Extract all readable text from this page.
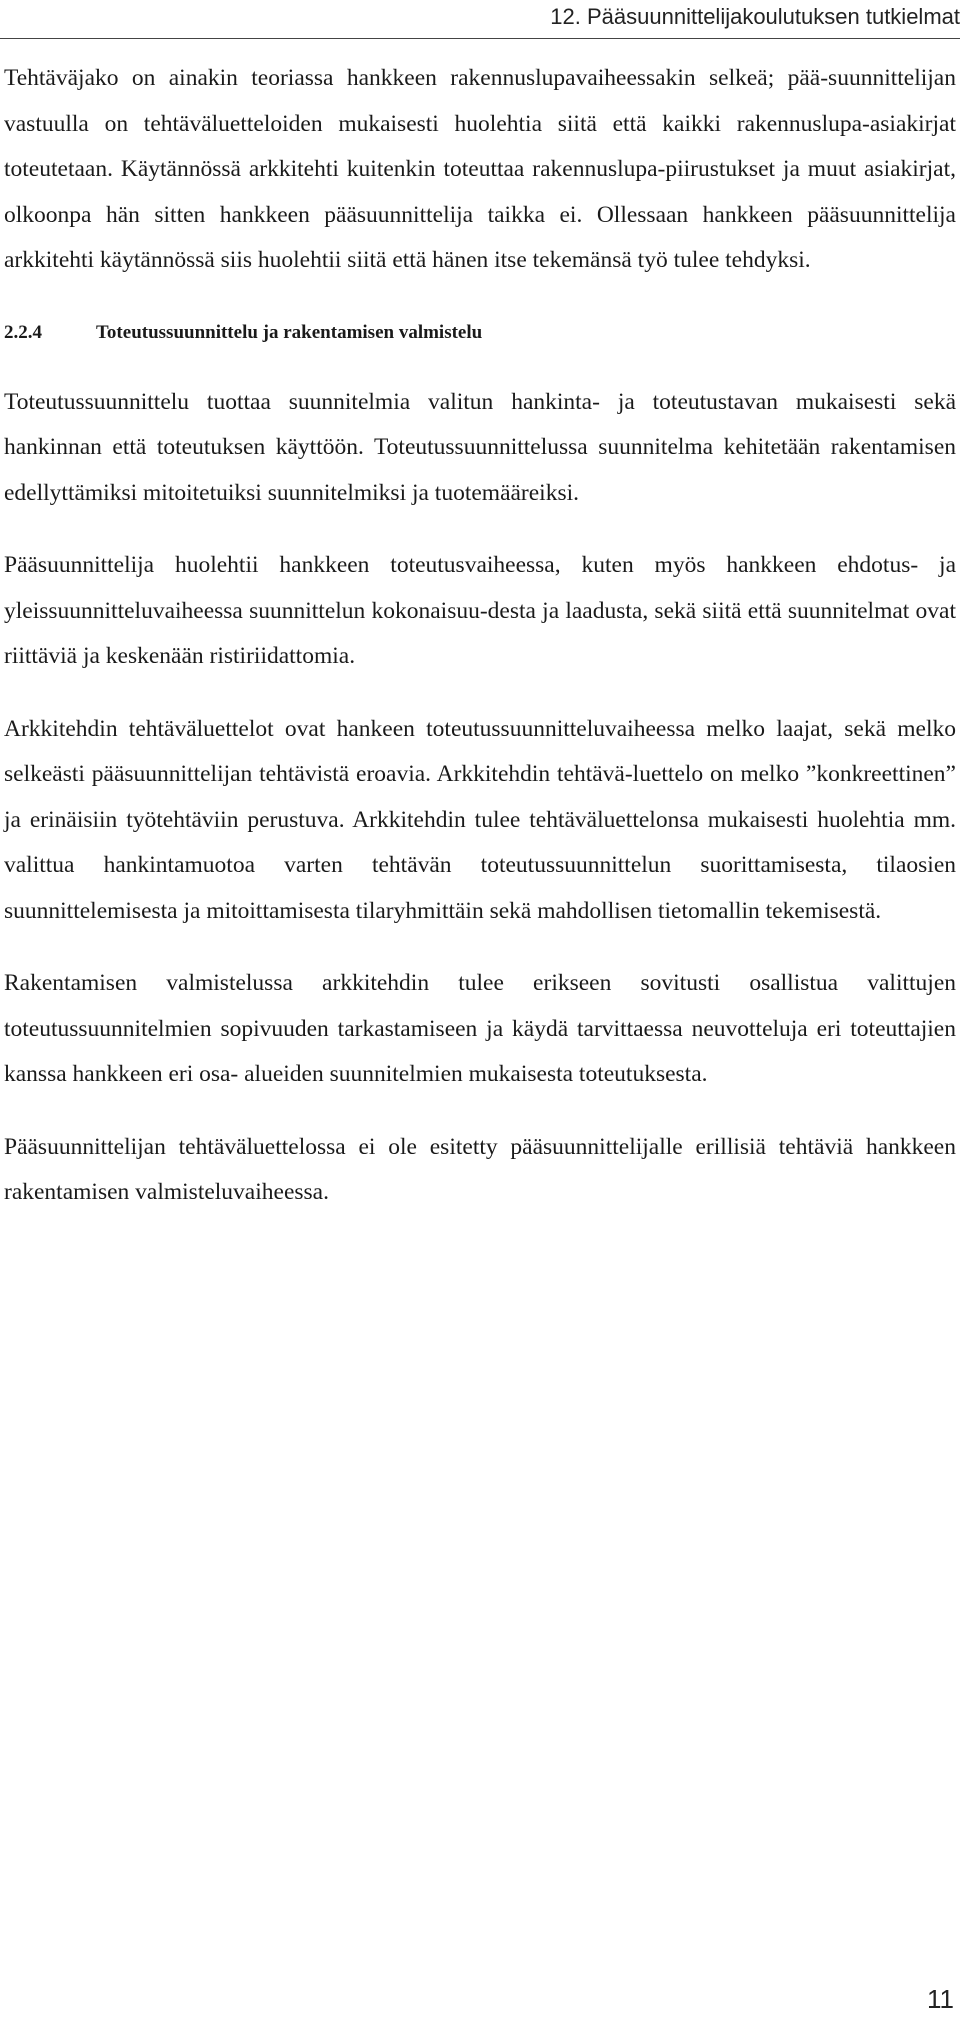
12. Pääsuunnittelijakoulutuksen tutkielmat

Tehtäväjako on ainakin teoriassa hankkeen rakennuslupavaiheessakin selkeä; pää-suunnittelijan vastuulla on tehtäväluetteloiden mukaisesti huolehtia siitä että kaikki rakennuslupa-asiakirjat toteutetaan. Käytännössä arkkitehti kuitenkin toteuttaa rakennuslupa-piirustukset ja muut asiakirjat, olkoonpa hän sitten hankkeen pääsuunnittelija taikka ei. Ollessaan hankkeen pääsuunnittelija arkkitehti käytännössä siis huolehtii siitä että hänen itse tekemänsä työ tulee tehdyksi.

2.2.4	Toteutussuunnittelu ja rakentamisen valmistelu

Toteutussuunnittelu tuottaa suunnitelmia valitun hankinta- ja toteutustavan mukaisesti sekä hankinnan että toteutuksen käyttöön. Toteutussuunnittelussa suunnitelma kehitetään rakentamisen edellyttämiksi mitoitetuiksi suunnitelmiksi ja tuotemääreiksi.

Pääsuunnittelija huolehtii hankkeen toteutusvaiheessa, kuten myös hankkeen ehdotus- ja yleissuunnitteluvaiheessa suunnittelun kokonaisuu-desta ja laadusta, sekä siitä että suunnitelmat ovat riittäviä ja keskenään ristiriidattomia.

Arkkitehdin tehtäväluettelot ovat hankeen toteutussuunnitteluvaiheessa melko laajat, sekä melko selkeästi pääsuunnittelijan tehtävistä eroavia. Arkkitehdin tehtävä-luettelo on melko ”konkreettinen” ja erinäisiin työtehtäviin perustuva. Arkkitehdin tulee tehtäväluettelonsa mukaisesti huolehtia mm. valittua hankintamuotoa varten tehtävän toteutussuunnittelun suorittamisesta, tilaosien suunnittelemisesta ja mitoittamisesta tilaryhmittäin sekä mahdollisen tietomallin tekemisestä.

Rakentamisen valmistelussa arkkitehdin tulee erikseen sovitusti osallistua valittujen toteutussuunnitelmien sopivuuden tarkastamiseen ja käydä tarvittaessa neuvotteluja eri toteuttajien kanssa hankkeen eri osa- alueiden suunnitelmien mukaisesta toteutuksesta.

Pääsuunnittelijan tehtäväluettelossa ei ole esitetty pääsuunnittelijalle erillisiä tehtäviä hankkeen rakentamisen valmisteluvaiheessa.

11
